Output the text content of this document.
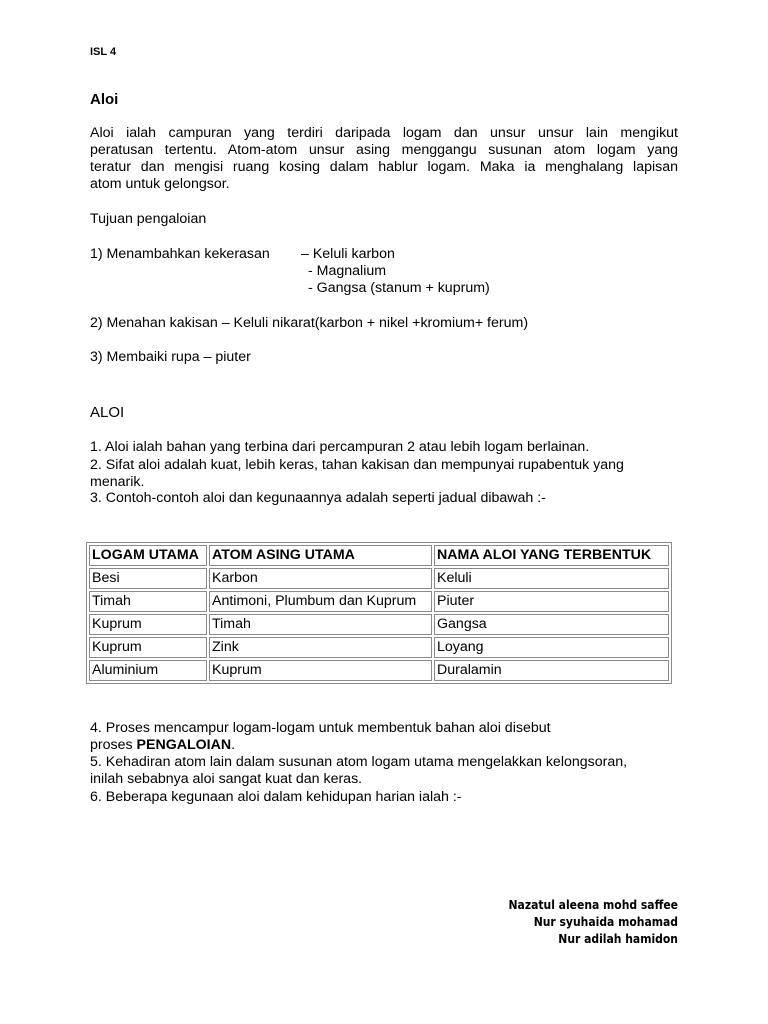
ISL 4
Aloi

Aloi ialah campuran yang terdiri daripada logam dan unsur unsur lain mengikut

peratusan tertentu. Atom-atom unsur asing menggangu susunan atom logam yang

teratur dan mengisi ruang kosing dalam hablur logam. Maka ia menghalang lapisan

atom untuk gelongsor.

Tujuan pengaloian
1) Menambahkan kekerasan – Keluli karbon
- Magnalium
- Gangsa (stanum + kuprum)
2) Menahan kakisan – Keluli nikarat(karbon + nikel +kromium+ ferum)
3) Membaiki rupa – piuter
ALOI
1. Aloi ialah bahan yang terbina dari percampuran 2 atau lebih logam berlainan.
2. Sifat aloi adalah kuat, lebih keras, tahan kakisan dan mempunyai rupabentuk yang
menarik.
3. Contoh-contoh aloi dan kegunaannya adalah seperti jadual dibawah :-
LOGAM UTAMA	ATOM ASING UTAMA	NAMA ALOI YANG TERBENTUK
Besi	Karbon	Keluli
Timah	Antimoni, Plumbum dan Kuprum	Piuter
Kuprum	Timah	Gangsa
Kuprum	Zink	Loyang
Aluminium	Kuprum	Duralamin
4. Proses mencampur logam-logam untuk membentuk bahan aloi disebut
proses PENGALOIAN.
5. Kehadiran atom lain dalam susunan atom logam utama mengelakkan kelongsoran,
inilah sebabnya aloi sangat kuat dan keras.
6. Beberapa kegunaan aloi dalam kehidupan harian ialah :-
Nazatul aleena mohd saffee
Nur syuhaida mohamad
Nur adilah hamidon
